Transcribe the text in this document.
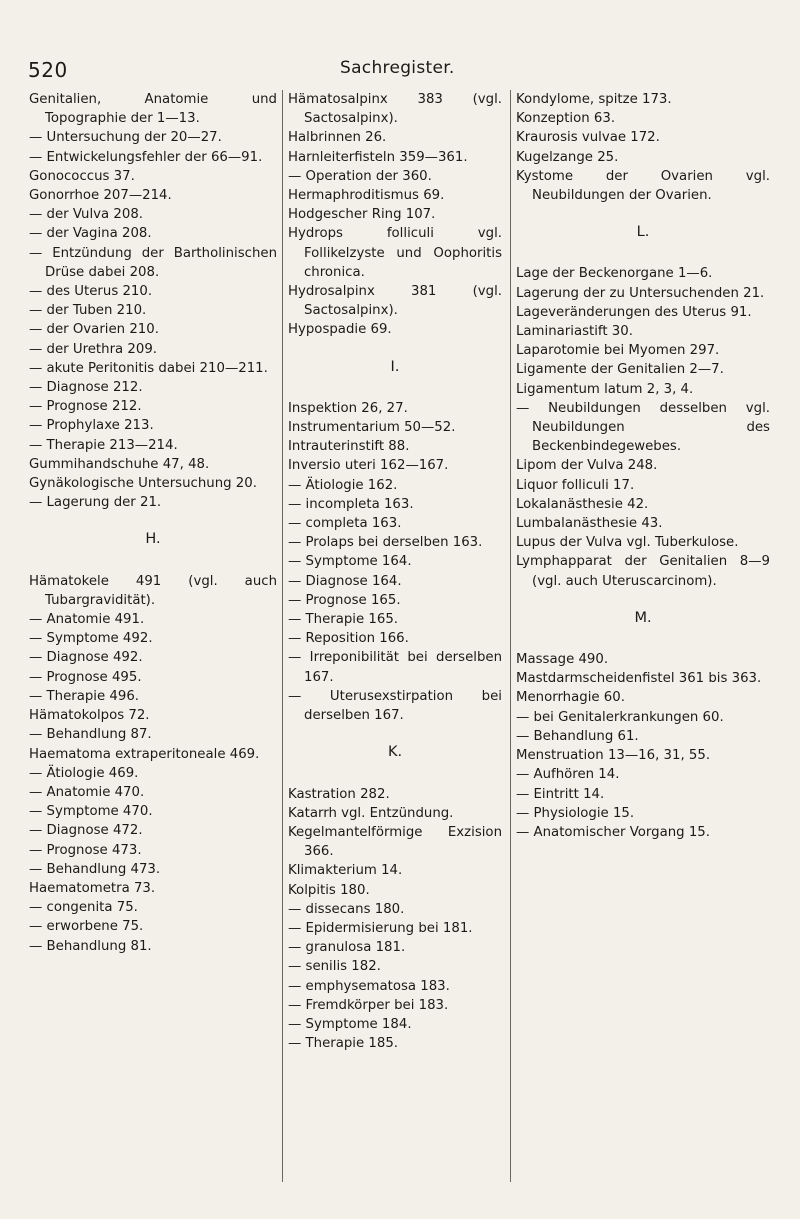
520	Sachregister.

Genitalien, Anatomie und Topographie der 1—13.

— Untersuchung der 20—27.

— Entwickelungsfehler der 66—91.

Gonococcus 37.

Gonorrhoe 207—214.

— der Vulva 208.

— der Vagina 208.

— Entzündung der Bartholinischen Drüse dabei 208.

— des Uterus 210.

— der Tuben 210.

— der Ovarien 210.

— der Urethra 209.

— akute Peritonitis dabei 210—211.

— Diagnose 212.

— Prognose 212.

— Prophylaxe 213.

— Therapie 213—214.

Gummihandschuhe 47, 48.

Gynäkologische Untersuchung 20.

— Lagerung der 21.

H.

Hämatokele 491 (vgl. auch Tubargravidität).

— Anatomie 491.

— Symptome 492.

— Diagnose 492.

— Prognose 495.

— Therapie 496.

Hämatokolpos 72.

— Behandlung 87.

Haematoma extraperitoneale 469.

— Ätiologie 469.

— Anatomie 470.

— Symptome 470.

— Diagnose 472.

— Prognose 473.

— Behandlung 473.

Haematometra 73.

— congenita 75.

— erworbene 75.

— Behandlung 81.

Hämatosalpinx 383 (vgl. Sactosalpinx).

Halbrinnen 26.

Harnleiterfisteln 359—361.

— Operation der 360.

Hermaphroditismus 69.

Hodgescher Ring 107.

Hydrops folliculi vgl. Follikelzyste und Oophoritis chronica.

Hydrosalpinx 381 (vgl. Sactosalpinx).

Hypospadie 69.

I.

Inspektion 26, 27.

Instrumentarium 50—52.

Intrauterinstift 88.

Inversio uteri 162—167.

— Ätiologie 162.

— incompleta 163.

— completa 163.

— Prolaps bei derselben 163.

— Symptome 164.

— Diagnose 164.

— Prognose 165.

— Therapie 165.

— Reposition 166.

— Irreponibilität bei derselben 167.

— Uterusexstirpation bei derselben 167.

K.

Kastration 282.

Katarrh vgl. Entzündung.

Kegelmantelförmige Exzision 366.

Klimakterium 14.

Kolpitis 180.

— dissecans 180.

— Epidermisierung bei 181.

— granulosa 181.

— senilis 182.

— emphysematosa 183.

— Fremdkörper bei 183.

— Symptome 184.

— Therapie 185.

Kondylome, spitze 173.

Konzeption 63.

Kraurosis vulvae 172.

Kugelzange 25.

Kystome der Ovarien vgl. Neubildungen der Ovarien.

L.

Lage der Beckenorgane 1—6.

Lagerung der zu Untersuchenden 21.

Lageveränderungen des Uterus 91.

Laminariastift 30.

Laparotomie bei Myomen 297.

Ligamente der Genitalien 2—7.

Ligamentum latum 2, 3, 4.

— Neubildungen desselben vgl. Neubildungen des Beckenbindegewebes.

Lipom der Vulva 248.

Liquor folliculi 17.

Lokalanästhesie 42.

Lumbalanästhesie 43.

Lupus der Vulva vgl. Tuberkulose.

Lymphapparat der Genitalien 8—9 (vgl. auch Uteruscarcinom).

M.

Massage 490.

Mastdarmscheidenfistel 361 bis 363.

Menorrhagie 60.

— bei Genitalerkrankungen 60.

— Behandlung 61.

Menstruation 13—16, 31, 55.

— Aufhören 14.

— Eintritt 14.

— Physiologie 15.

— Anatomischer Vorgang 15.
